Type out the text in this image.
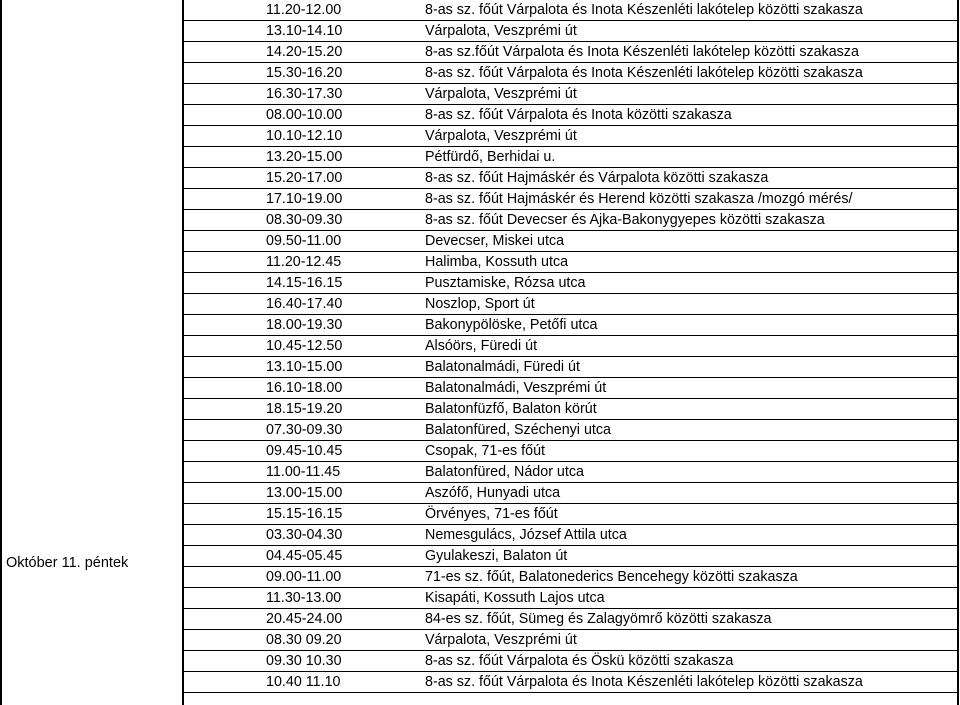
Október 11. péntek
11.20-12.00	8-as sz. főút Várpalota és Inota Készenléti lakótelep közötti szakasza
13.10-14.10	Várpalota, Veszprémi út
14.20-15.20	8-as sz.főút Várpalota és Inota Készenléti lakótelep közötti szakasza
15.30-16.20	8-as sz. főút Várpalota és Inota Készenléti lakótelep közötti szakasza
16.30-17.30	Várpalota, Veszprémi út
08.00-10.00	8-as sz. főút Várpalota és Inota közötti szakasza
10.10-12.10	Várpalota, Veszprémi út
13.20-15.00	Pétfürdő, Berhidai u.
15.20-17.00	8-as sz. főút Hajmáskér és Várpalota közötti szakasza
17.10-19.00	8-as sz. főút Hajmáskér és Herend közötti szakasza /mozgó mérés/
08.30-09.30	8-as sz. főút Devecser és Ajka-Bakonygyepes közötti szakasza
09.50-11.00	Devecser, Miskei utca
11.20-12.45	Halimba, Kossuth utca
14.15-16.15	Pusztamiske, Rózsa utca
16.40-17.40	Noszlop, Sport út
18.00-19.30	Bakonypölöske, Petőfi utca
10.45-12.50	Alsóörs, Füredi út
13.10-15.00	Balatonalmádi, Füredi út
16.10-18.00	Balatonalmádi, Veszprémi út
18.15-19.20	Balatonfüzfő, Balaton körút
07.30-09.30	Balatonfüred, Széchenyi utca
09.45-10.45	Csopak, 71-es főút
11.00-11.45	Balatonfüred, Nádor utca
13.00-15.00	Aszófő, Hunyadi utca
15.15-16.15	Örvényes, 71-es főút
03.30-04.30	Nemesgulács, József Attila utca
04.45-05.45	Gyulakeszi, Balaton út
09.00-11.00	71-es sz. főút, Balatonederics Bencehegy közötti szakasza
11.30-13.00	Kisapáti, Kossuth Lajos utca
20.45-24.00	84-es sz. főút, Sümeg és Zalagyömrő közötti szakasza
08.30 09.20	Várpalota, Veszprémi út
09.30 10.30	8-as sz. főút Várpalota és Öskü közötti szakasza
10.40 11.10	8-as sz. főút Várpalota és Inota Készenléti lakótelep közötti szakasza
